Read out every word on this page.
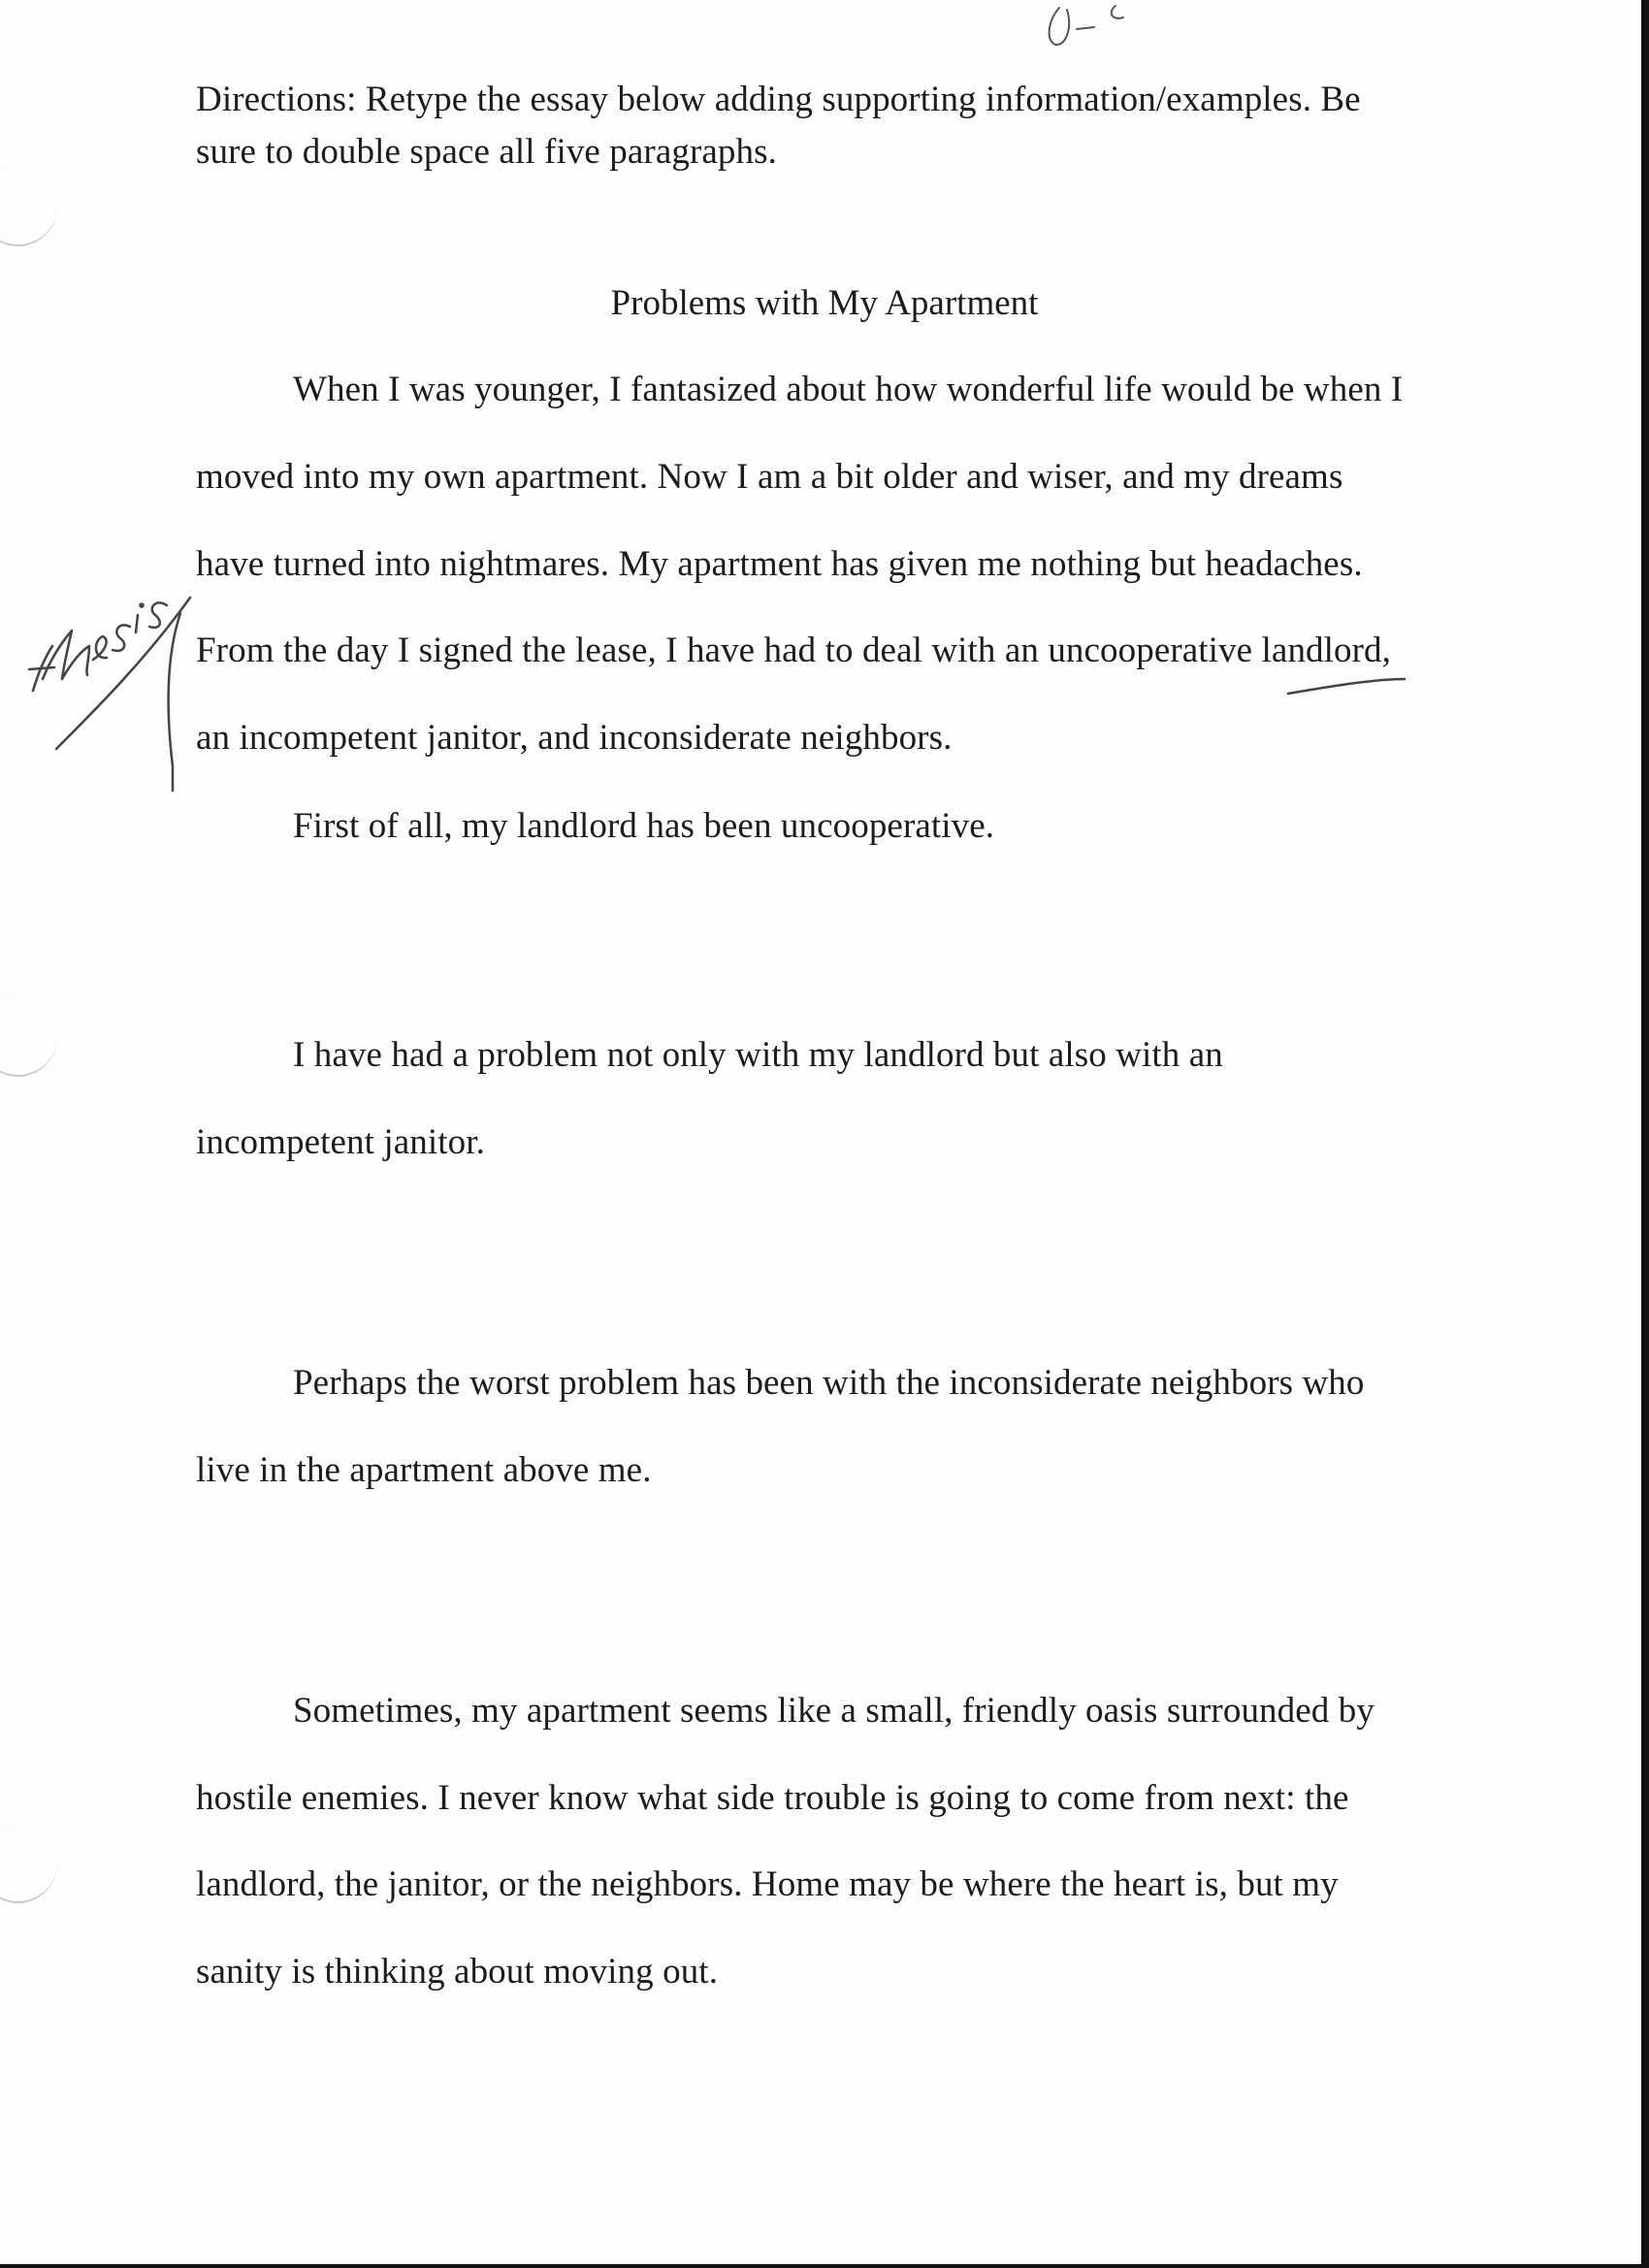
Directions: Retype the essay below adding supporting information/examples. Be
sure to double space all five paragraphs.
Problems with My Apartment
When I was younger, I fantasized about how wonderful life would be when I
moved into my own apartment. Now I am a bit older and wiser, and my dreams
have turned into nightmares. My apartment has given me nothing but headaches.
From the day I signed the lease, I have had to deal with an uncooperative landlord,
an incompetent janitor, and inconsiderate neighbors.
First of all, my landlord has been uncooperative.
I have had a problem not only with my landlord but also with an
incompetent janitor.
Perhaps the worst problem has been with the inconsiderate neighbors who
live in the apartment above me.
Sometimes, my apartment seems like a small, friendly oasis surrounded by
hostile enemies. I never know what side trouble is going to come from next: the
landlord, the janitor, or the neighbors. Home may be where the heart is, but my
sanity is thinking about moving out.
